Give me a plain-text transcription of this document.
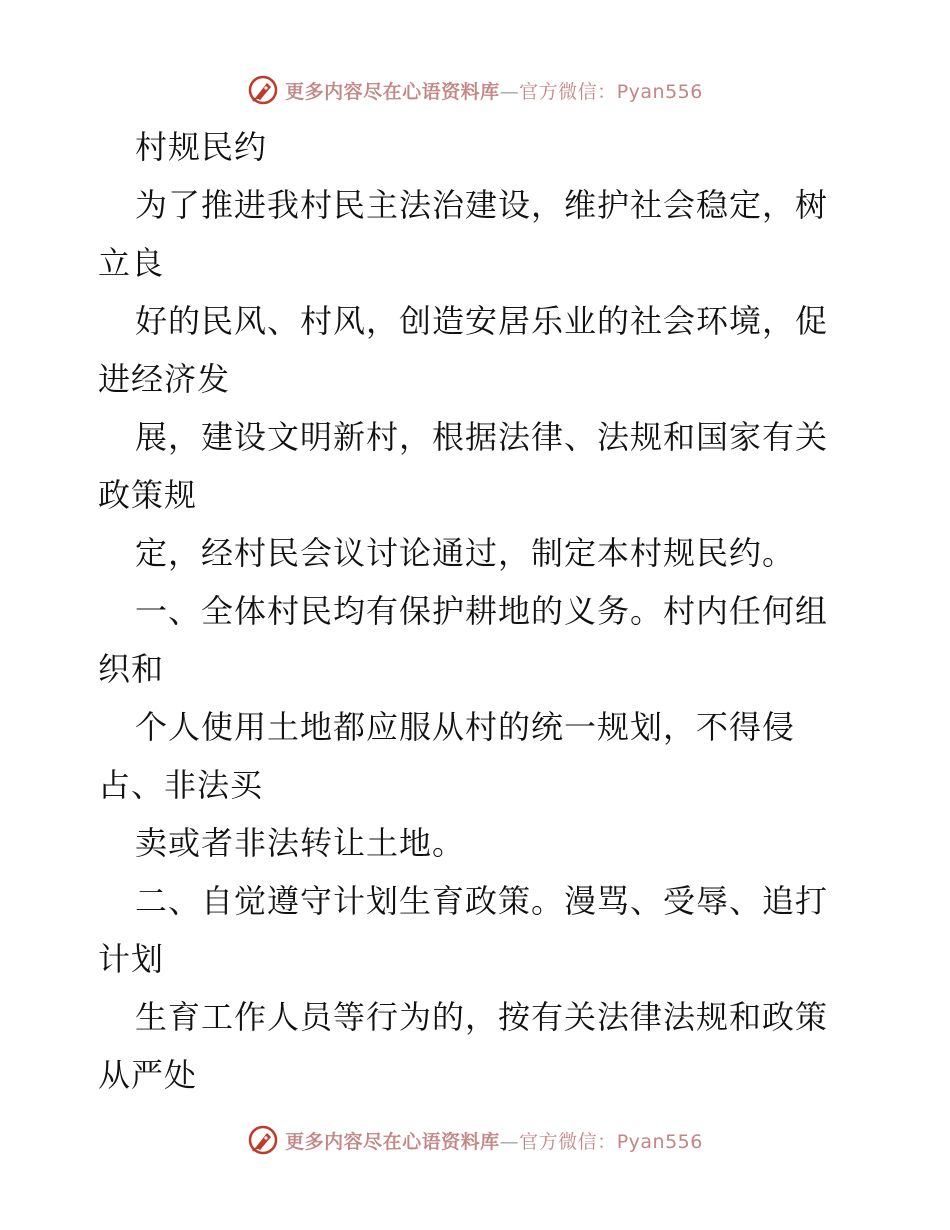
更多内容尽在心语资料库—官方微信：Pyan556
村规民约
为了推进我村民主法治建设，维护社会稳定，树
立良
好的民风、村风，创造安居乐业的社会环境，促
进经济发
展，建设文明新村，根据法律、法规和国家有关
政策规
定，经村民会议讨论通过，制定本村规民约。
一、全体村民均有保护耕地的义务。村内任何组
织和
个人使用土地都应服从村的统一规划，不得侵
占、非法买
卖或者非法转让土地。
二、自觉遵守计划生育政策。漫骂、受辱、追打
计划
生育工作人员等行为的，按有关法律法规和政策
从严处
更多内容尽在心语资料库—官方微信：Pyan556
